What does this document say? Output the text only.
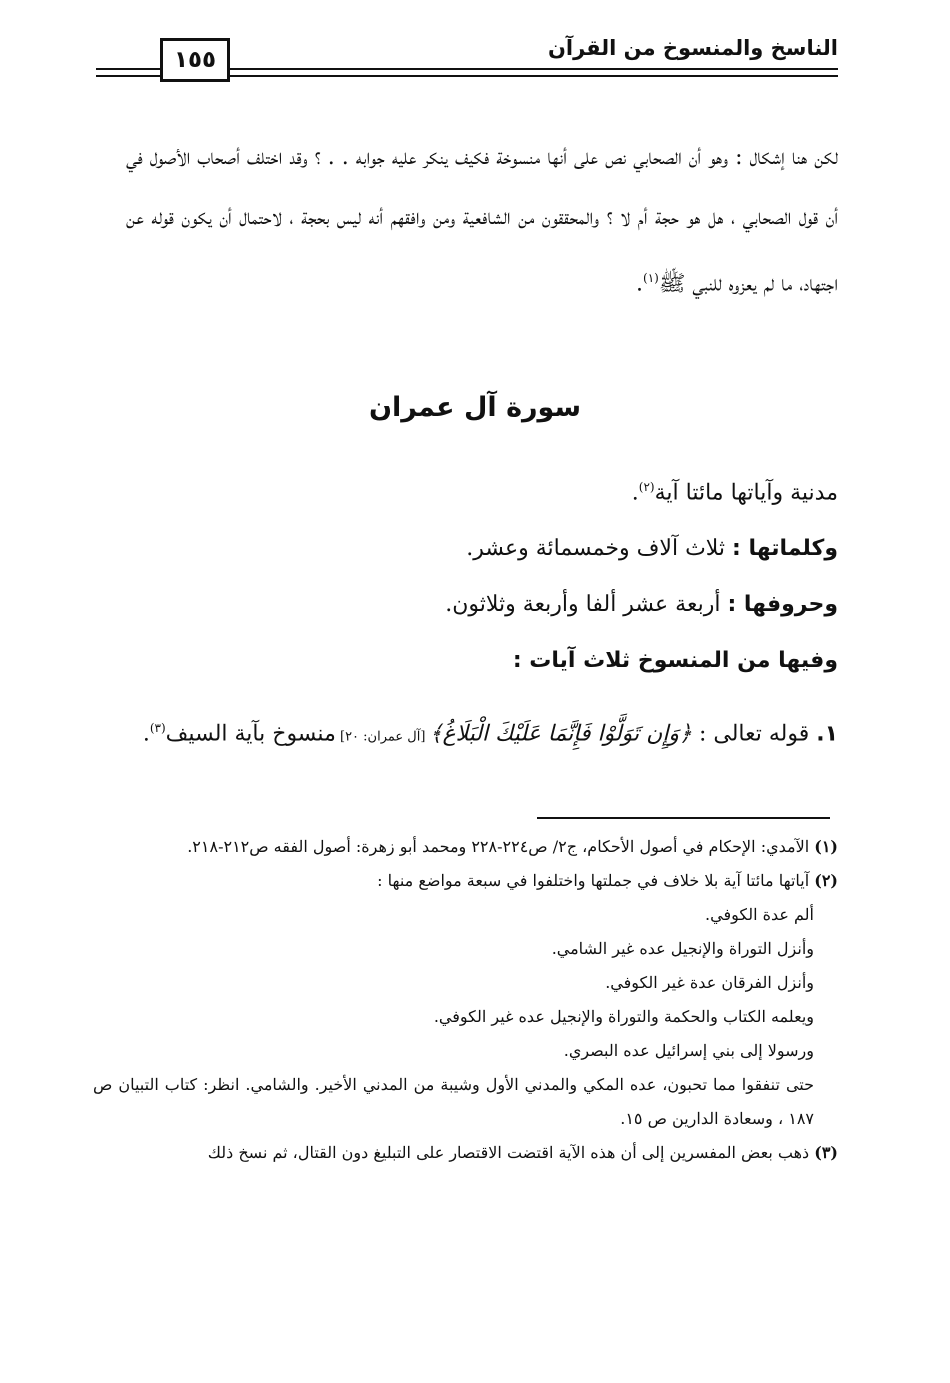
الناسخ والمنسوخ من القرآن
١٥٥
لكن هنا إشكال : وهو أن الصحابي نص على أنها منسوخة فكيف ينكر عليه جوابه . . ؟ وقد اختلف أصحاب الأصول في أن قول الصحابي ، هل هو حجة أم لا ؟ والمحققون من الشافعية ومن وافقهم أنه ليس بحجة ، لاحتمال أن يكون قوله عن اجتهاد، ما لم يعزوه للنبي ﷺ$^{(١)}$.
سورة آل عمران
مدنية وآياتها مائتا آية$^{(٢)}$.
وكلماتها : ثلاث آلاف وخمسمائة وعشر.
وحروفها : أربعة عشر ألفا وأربعة وثلاثون.
وفيها من المنسوخ ثلاث آيات :
١. قوله تعالى : ﴿وَإِن تَوَلَّوْا فَإِنَّمَا عَلَيْكَ الْبَلَاغُ﴾ [آل عمران: ٢٠] منسوخ بآية السيف$^{(٣)}$.
(١) الآمدي: الإحكام في أصول الأحكام، ج٢/ ص٢٢٤-٢٢٨ ومحمد أبو زهرة: أصول الفقه ص٢١٢-٢١٨.
(٢) آياتها مائتا آية بلا خلاف في جملتها واختلفوا في سبعة مواضع منها :
ألم عدة الكوفي.
وأنزل التوراة والإنجيل عده غير الشامي.
وأنزل الفرقان عدة غير الكوفي.
ويعلمه الكتاب والحكمة والتوراة والإنجيل عده غير الكوفي.
ورسولا إلى بني إسرائيل عده البصري.
حتى تنفقوا مما تحبون، عده المكي والمدني الأول وشيبة من المدني الأخير. والشامي. انظر: كتاب التبيان ص ١٨٧ ، وسعادة الدارين ص ١٥.
(٣) ذهب بعض المفسرين إلى أن هذه الآية اقتضت الاقتصار على التبليغ دون القتال، ثم نسخ ذلك
